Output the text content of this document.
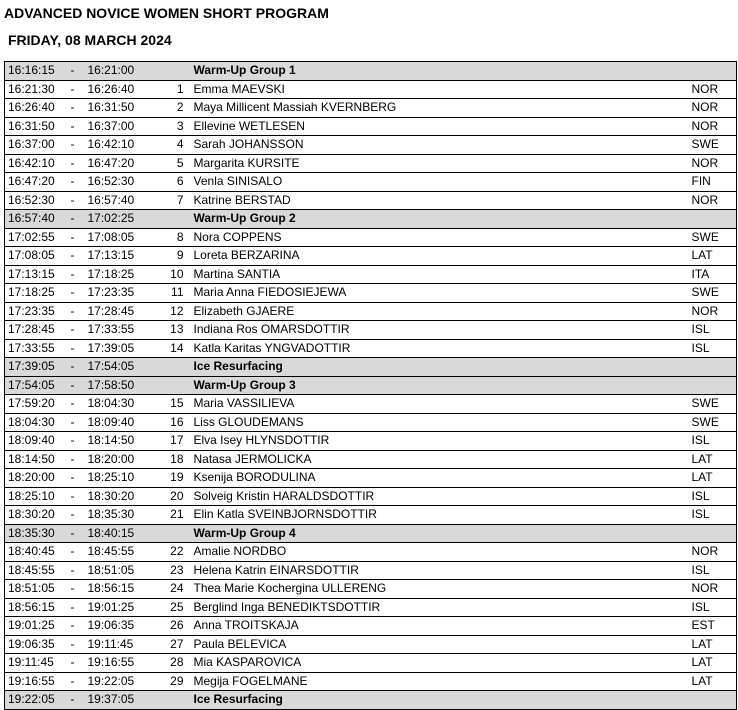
ADVANCED NOVICE WOMEN SHORT PROGRAM
FRIDAY, 08 MARCH 2024
16:16:15	-	16:21:00		Warm-Up Group 1	
16:21:30	-	16:26:40	1	Emma MAEVSKI	NOR
16:26:40	-	16:31:50	2	Maya Millicent Massiah KVERNBERG	NOR
16:31:50	-	16:37:00	3	Ellevine WETLESEN	NOR
16:37:00	-	16:42:10	4	Sarah JOHANSSON	SWE
16:42:10	-	16:47:20	5	Margarita KURSITE	NOR
16:47:20	-	16:52:30	6	Venla SINISALO	FIN
16:52:30	-	16:57:40	7	Katrine BERSTAD	NOR
16:57:40	-	17:02:25		Warm-Up Group 2	
17:02:55	-	17:08:05	8	Nora COPPENS	SWE
17:08:05	-	17:13:15	9	Loreta BERZARINA	LAT
17:13:15	-	17:18:25	10	Martina SANTIA	ITA
17:18:25	-	17:23:35	11	Maria Anna FIEDOSIEJEWA	SWE
17:23:35	-	17:28:45	12	Elizabeth GJAERE	NOR
17:28:45	-	17:33:55	13	Indiana Ros OMARSDOTTIR	ISL
17:33:55	-	17:39:05	14	Katla Karitas YNGVADOTTIR	ISL
17:39:05	-	17:54:05		Ice Resurfacing	
17:54:05	-	17:58:50		Warm-Up Group 3	
17:59:20	-	18:04:30	15	Maria VASSILIEVA	SWE
18:04:30	-	18:09:40	16	Liss GLOUDEMANS	SWE
18:09:40	-	18:14:50	17	Elva Isey HLYNSDOTTIR	ISL
18:14:50	-	18:20:00	18	Natasa JERMOLICKA	LAT
18:20:00	-	18:25:10	19	Ksenija BORODULINA	LAT
18:25:10	-	18:30:20	20	Solveig Kristin HARALDSDOTTIR	ISL
18:30:20	-	18:35:30	21	Elin Katla SVEINBJORNSDOTTIR	ISL
18:35:30	-	18:40:15		Warm-Up Group 4	
18:40:45	-	18:45:55	22	Amalie NORDBO	NOR
18:45:55	-	18:51:05	23	Helena Katrin EINARSDOTTIR	ISL
18:51:05	-	18:56:15	24	Thea Marie Kochergina ULLERENG	NOR
18:56:15	-	19:01:25	25	Berglind Inga BENEDIKTSDOTTIR	ISL
19:01:25	-	19:06:35	26	Anna TROITSKAJA	EST
19:06:35	-	19:11:45	27	Paula BELEVICA	LAT
19:11:45	-	19:16:55	28	Mia KASPAROVICA	LAT
19:16:55	-	19:22:05	29	Megija FOGELMANE	LAT
19:22:05	-	19:37:05		Ice Resurfacing	
